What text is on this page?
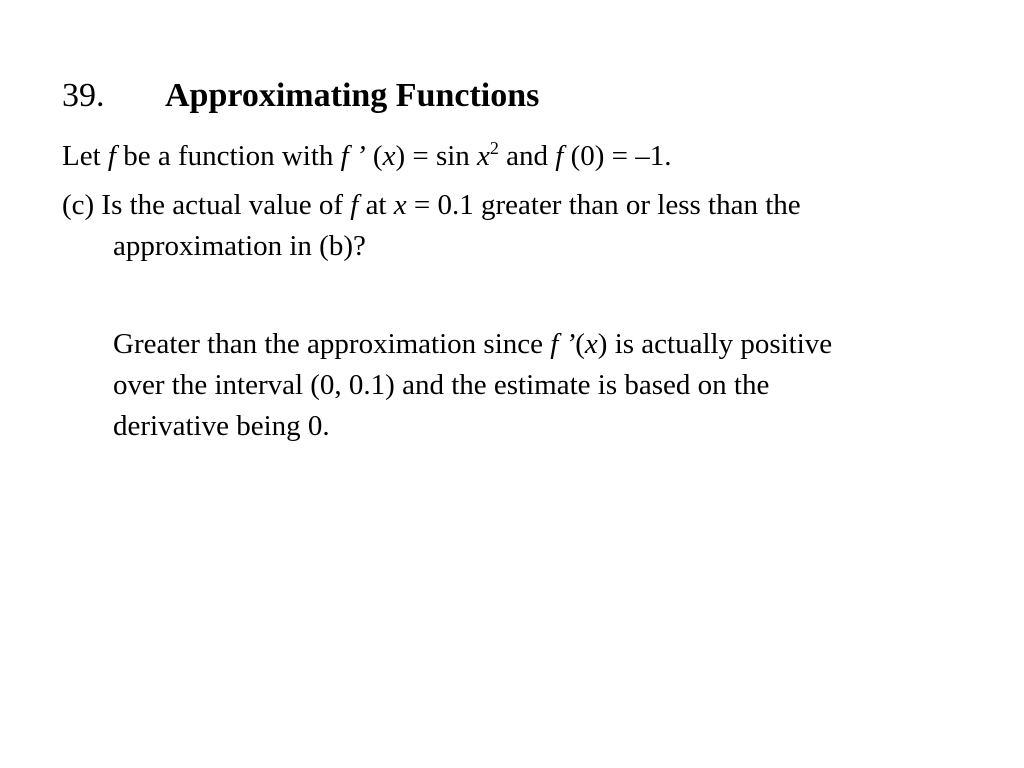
39. Approximating Functions
Let f be a function with f ’ $(x) = \sin x^2$ and f (0) = –1.
(c) Is the actual value of f at x = 0.1 greater than or less than the
approximation in (b)?
Greater than the approximation since f ’(x) is actually positive
over the interval (0, 0.1) and the estimate is based on the
derivative being 0.
